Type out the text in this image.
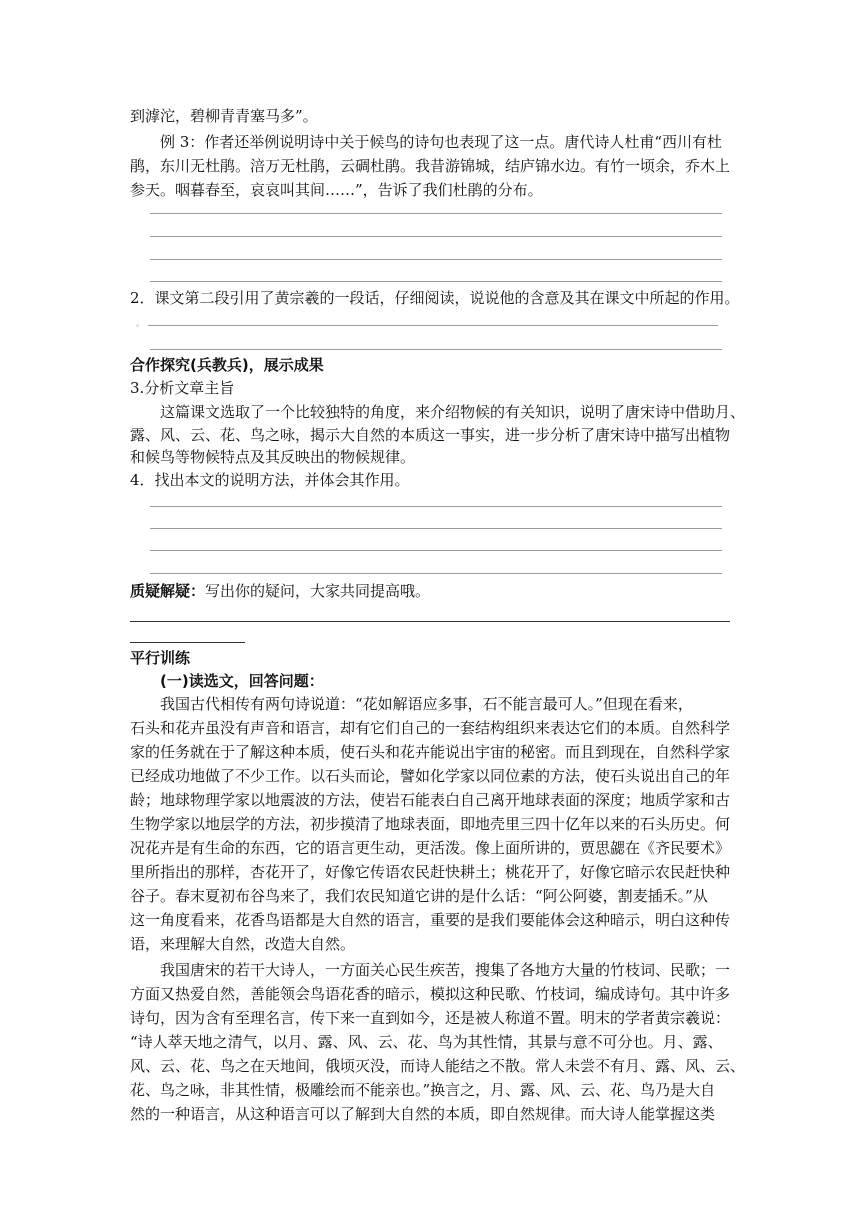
到滹沱，碧柳青青塞马多”。
例 3：作者还举例说明诗中关于候鸟的诗句也表现了这一点。唐代诗人杜甫“西川有杜
鹃，东川无杜鹃。涪万无杜鹃，云碉杜鹃。我昔游锦城，结庐锦水边。有竹一顷余，乔木上
参天。咽暮春至，哀哀叫其间……”，告诉了我们杜鹃的分布。
2．课文第二段引用了黄宗羲的一段话，仔细阅读，说说他的含意及其在课文中所起的作用。
◦
合作探究(兵教兵)，展示成果
3.分析文章主旨
这篇课文选取了一个比较独特的角度，来介绍物候的有关知识，说明了唐宋诗中借助月、
露、风、云、花、鸟之咏，揭示大自然的本质这一事实，进一步分析了唐宋诗中描写出植物
和候鸟等物候特点及其反映出的物候规律。
4．找出本文的说明方法，并体会其作用。
质疑解疑：写出你的疑问，大家共同提高哦。
平行训练
(一)读选文，回答问题：
我国古代相传有两句诗说道：“花如解语应多事，石不能言最可人。”但现在看来，
石头和花卉虽没有声音和语言，却有它们自己的一套结构组织来表达它们的本质。自然科学
家的任务就在于了解这种本质，使石头和花卉能说出宇宙的秘密。而且到现在，自然科学家
已经成功地做了不少工作。以石头而论，譬如化学家以同位素的方法，使石头说出自己的年
龄；地球物理学家以地震波的方法，使岩石能表白自己离开地球表面的深度；地质学家和古
生物学家以地层学的方法，初步摸清了地球表面，即地壳里三四十亿年以来的石头历史。何
况花卉是有生命的东西，它的语言更生动，更活泼。像上面所讲的，贾思勰在《齐民要术》
里所指出的那样，杏花开了，好像它传语农民赶快耕土；桃花开了，好像它暗示农民赶快种
谷子。春末夏初布谷鸟来了，我们农民知道它讲的是什么话：“阿公阿婆，割麦插禾。”从
这一角度看来，花香鸟语都是大自然的语言，重要的是我们要能体会这种暗示，明白这种传
语，来理解大自然，改造大自然。
我国唐宋的若干大诗人，一方面关心民生疾苦，搜集了各地方大量的竹枝词、民歌；一
方面又热爱自然，善能领会鸟语花香的暗示，模拟这种民歌、竹枝词，编成诗句。其中许多
诗句，因为含有至理名言，传下来一直到如今，还是被人称道不置。明末的学者黄宗羲说：
“诗人萃天地之清气，以月、露、风、云、花、鸟为其性情，其景与意不可分也。月、露、
风、云、花、鸟之在天地间，俄顷灭没，而诗人能结之不散。常人未尝不有月、露、风、云、
花、鸟之咏，非其性情，极雕绘而不能亲也。”换言之，月、露、风、云、花、鸟乃是大自
然的一种语言，从这种语言可以了解到大自然的本质，即自然规律。而大诗人能掌握这类
